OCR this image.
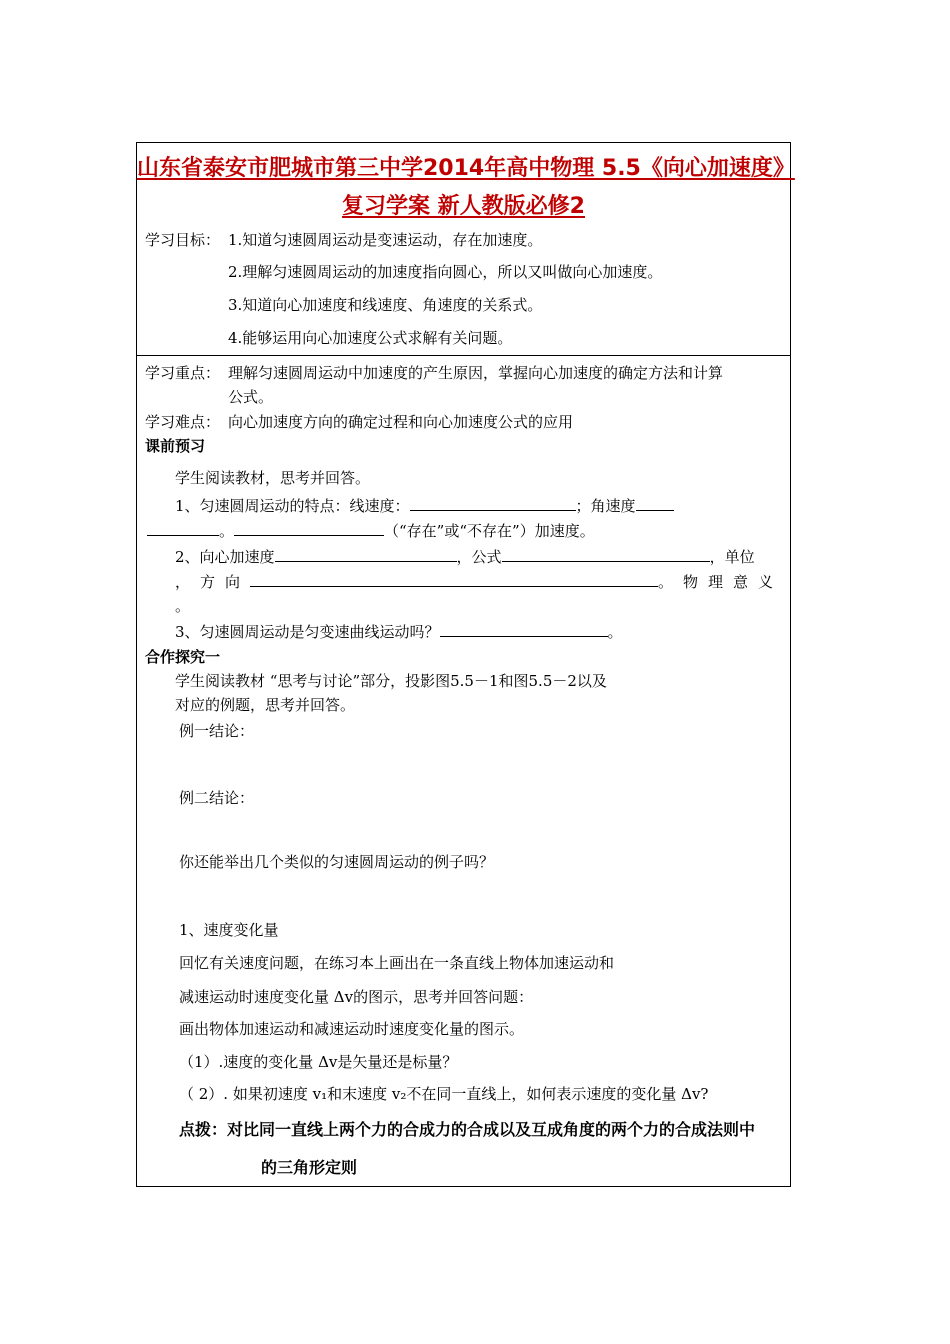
山东省泰安市肥城市第三中学2014年高中物理 5.5《向心加速度》
复习学案 新人教版必修2
学习目标： 1.知道匀速圆周运动是变速运动，存在加速度。
2.理解匀速圆周运动的加速度指向圆心，所以又叫做向心加速度。
3.知道向心加速度和线速度、角速度的关系式。
4.能够运用向心加速度公式求解有关问题。
学习重点： 理解匀速圆周运动中加速度的产生原因，掌握向心加速度的确定方法和计算
公式。
学习难点： 向心加速度方向的确定过程和向心加速度公式的应用
课前预习
学生阅读教材，思考并回答。
1、匀速圆周运动的特点：线速度：	；角速度
。	（“存在”或“不存在”）加速度。
2、向心加速度	，公式	，单位
，方向	。物理意义
。
3、匀速圆周运动是匀变速曲线运动吗？	。
合作探究一
学生阅读教材 “思考与讨论”部分，投影图5.5－1和图5.5－2以及
对应的例题，思考并回答。
例一结论：
例二结论：
你还能举出几个类似的匀速圆周运动的例子吗？
1、速度变化量
回忆有关速度问题，在练习本上画出在一条直线上物体加速运动和
减速运动时速度变化量 Δv的图示，思考并回答问题：
画出物体加速运动和减速运动时速度变化量的图示。
（1）.速度的变化量 Δv是矢量还是标量？
（ 2）. 如果初速度 v₁和末速度 v₂不在同一直线上，如何表示速度的变化量 Δv?
点拨：对比同一直线上两个力的合成力的合成以及互成角度的两个力的合成法则中
的三角形定则
